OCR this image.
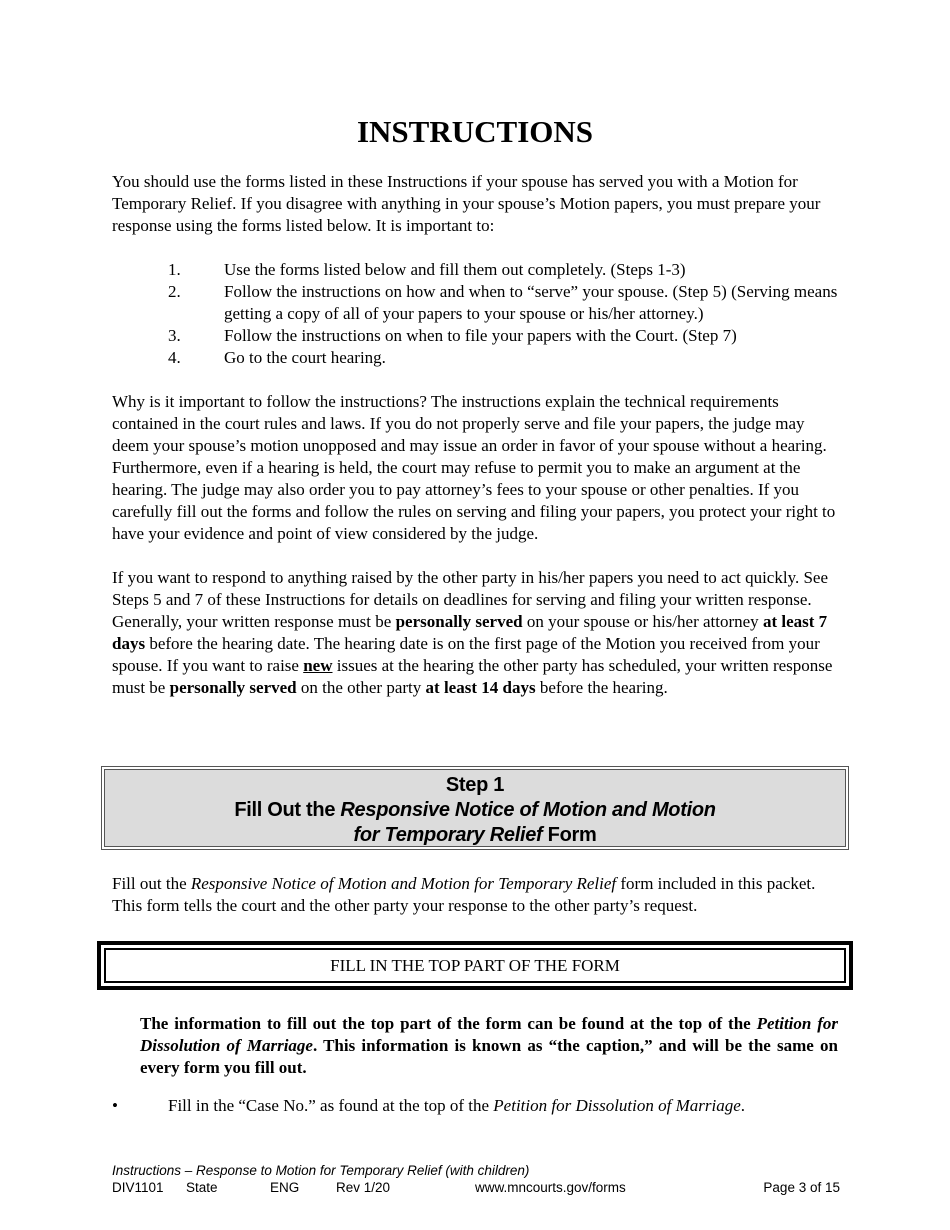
INSTRUCTIONS

You should use the forms listed in these Instructions if your spouse has served you with a Motion for Temporary Relief. If you disagree with anything in your spouse’s Motion papers, you must prepare your response using the forms listed below. It is important to:

1.	Use the forms listed below and fill them out completely. (Steps 1-3)
2.	Follow the instructions on how and when to “serve” your spouse. (Step 5) (Serving means getting a copy of all of your papers to your spouse or his/her attorney.)
3.	Follow the instructions on when to file your papers with the Court. (Step 7)
4.	Go to the court hearing.

Why is it important to follow the instructions? The instructions explain the technical requirements contained in the court rules and laws. If you do not properly serve and file your papers, the judge may deem your spouse’s motion unopposed and may issue an order in favor of your spouse without a hearing. Furthermore, even if a hearing is held, the court may refuse to permit you to make an argument at the hearing. The judge may also order you to pay attorney’s fees to your spouse or other penalties. If you carefully fill out the forms and follow the rules on serving and filing your papers, you protect your right to have your evidence and point of view considered by the judge.

If you want to respond to anything raised by the other party in his/her papers you need to act quickly. See Steps 5 and 7 of these Instructions for details on deadlines for serving and filing your written response. Generally, your written response must be personally served on your spouse or his/her attorney at least 7 days before the hearing date. The hearing date is on the first page of the Motion you received from your spouse. If you want to raise new issues at the hearing the other party has scheduled, your written response must be personally served on the other party at least 14 days before the hearing.

Step 1
Fill Out the Responsive Notice of Motion and Motion
for Temporary Relief Form

Fill out the Responsive Notice of Motion and Motion for Temporary Relief form included in this packet. This form tells the court and the other party your response to the other party’s request.

FILL IN THE TOP PART OF THE FORM

The information to fill out the top part of the form can be found at the top of the Petition for Dissolution of Marriage. This information is known as “the caption,” and will be the same on every form you fill out.

•	Fill in the “Case No.” as found at the top of the Petition for Dissolution of Marriage.
Instructions – Response to Motion for Temporary Relief (with children)
DIV1101 State	ENG	Rev 1/20	www.mncourts.gov/forms	Page 3 of 15
